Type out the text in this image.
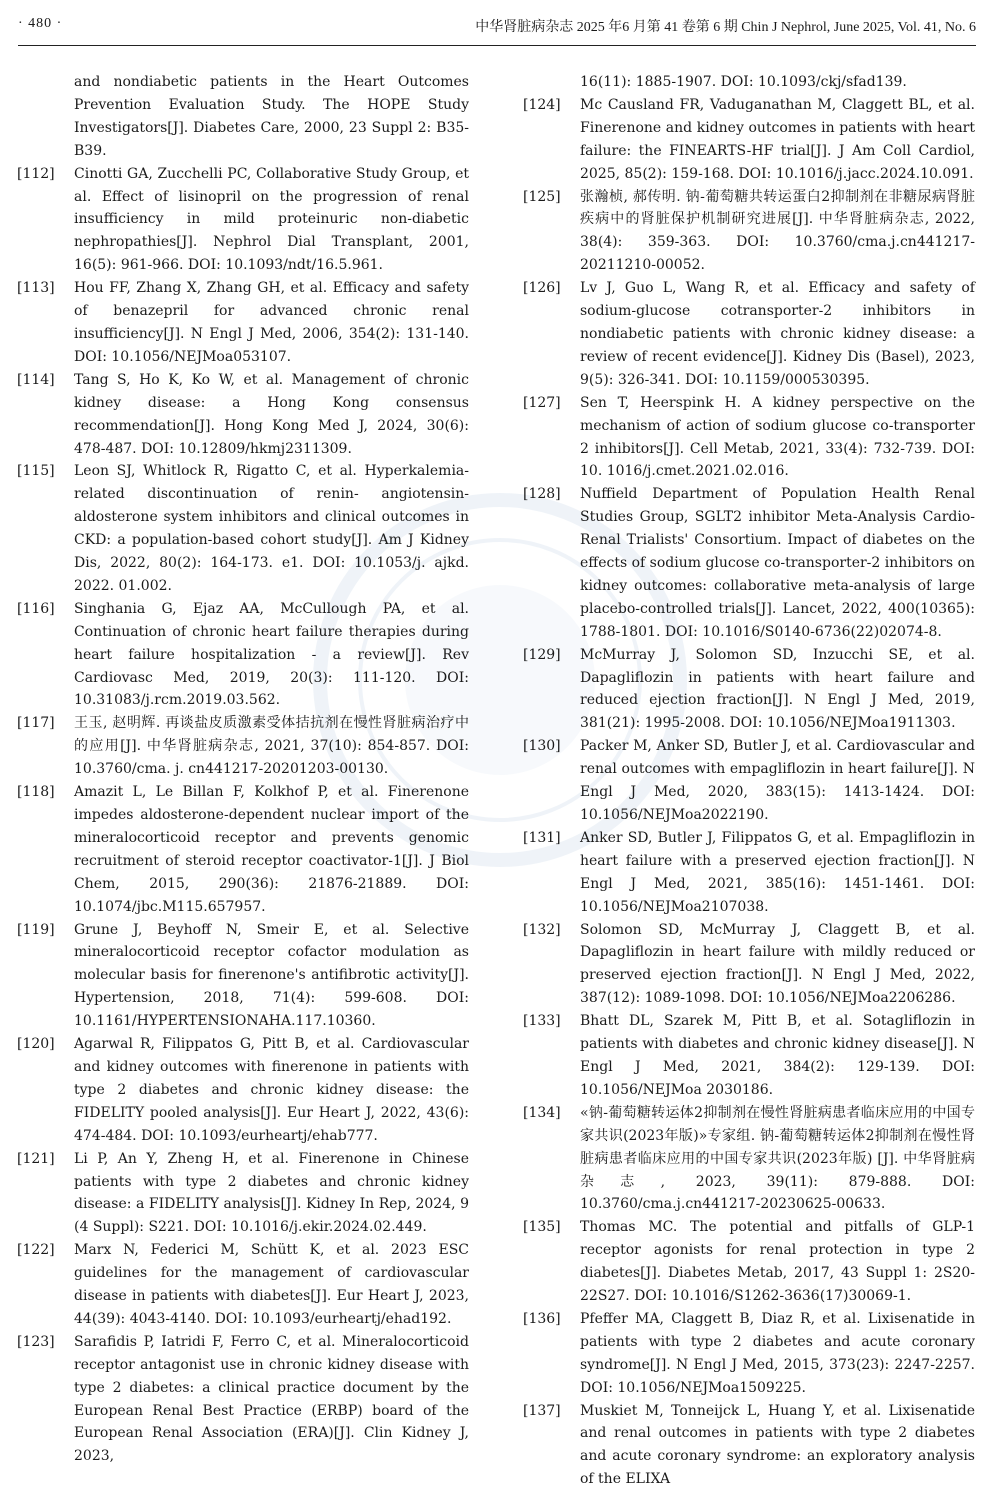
· 480 ·	中华肾脏病杂志 2025 年6 月第 41 卷第 6 期 Chin J Nephrol, June 2025, Vol. 41, No. 6
and nondiabetic patients in the Heart Outcomes Prevention Evaluation Study. The HOPE Study Investigators[J]. Diabetes Care, 2000, 23 Suppl 2: B35-B39.
[112]	Cinotti GA, Zucchelli PC, Collaborative Study Group, et al. Effect of lisinopril on the progression of renal insufficiency in mild proteinuric non-diabetic nephropathies[J]. Nephrol Dial Transplant, 2001, 16(5): 961-966. DOI: 10.1093/ndt/16.5.961.
[113]	Hou FF, Zhang X, Zhang GH, et al. Efficacy and safety of benazepril for advanced chronic renal insufficiency[J]. N Engl J Med, 2006, 354(2): 131-140. DOI: 10.1056/NEJMoa053107.
[114]	Tang S, Ho K, Ko W, et al. Management of chronic kidney disease: a Hong Kong consensus recommendation[J]. Hong Kong Med J, 2024, 30(6): 478-487. DOI: 10.12809/hkmj2311309.
[115]	Leon SJ, Whitlock R, Rigatto C, et al. Hyperkalemia-related discontinuation of renin- angiotensin-aldosterone system inhibitors and clinical outcomes in CKD: a population-based cohort study[J]. Am J Kidney Dis, 2022, 80(2): 164-173. e1. DOI: 10.1053/j. ajkd. 2022. 01.002.
[116]	Singhania G, Ejaz AA, McCullough PA, et al. Continuation of chronic heart failure therapies during heart failure hospitalization - a review[J]. Rev Cardiovasc Med, 2019, 20(3): 111-120. DOI: 10.31083/j.rcm.2019.03.562.
[117]	王玉, 赵明辉. 再谈盐皮质激素受体拮抗剂在慢性肾脏病治疗中的应用[J]. 中华肾脏病杂志, 2021, 37(10): 854-857. DOI: 10.3760/cma. j. cn441217-20201203-00130.
[118]	Amazit L, Le Billan F, Kolkhof P, et al. Finerenone impedes aldosterone-dependent nuclear import of the mineralocorticoid receptor and prevents genomic recruitment of steroid receptor coactivator-1[J]. J Biol Chem, 2015, 290(36): 21876-21889. DOI: 10.1074/jbc.M115.657957.
[119]	Grune J, Beyhoff N, Smeir E, et al. Selective mineralocorticoid receptor cofactor modulation as molecular basis for finerenone's antifibrotic activity[J]. Hypertension, 2018, 71(4): 599-608. DOI: 10.1161/HYPERTENSIONAHA.117.10360.
[120]	Agarwal R, Filippatos G, Pitt B, et al. Cardiovascular and kidney outcomes with finerenone in patients with type 2 diabetes and chronic kidney disease: the FIDELITY pooled analysis[J]. Eur Heart J, 2022, 43(6): 474-484. DOI: 10.1093/eurheartj/ehab777.
[121]	Li P, An Y, Zheng H, et al. Finerenone in Chinese patients with type 2 diabetes and chronic kidney disease: a FIDELITY analysis[J]. Kidney In Rep, 2024, 9 (4 Suppl): S221. DOI: 10.1016/j.ekir.2024.02.449.
[122]	Marx N, Federici M, Schütt K, et al. 2023 ESC guidelines for the management of cardiovascular disease in patients with diabetes[J]. Eur Heart J, 2023, 44(39): 4043-4140. DOI: 10.1093/eurheartj/ehad192.
[123]	Sarafidis P, Iatridi F, Ferro C, et al. Mineralocorticoid receptor antagonist use in chronic kidney disease with type 2 diabetes: a clinical practice document by the European Renal Best Practice (ERBP) board of the European Renal Association (ERA)[J]. Clin Kidney J, 2023,
16(11): 1885-1907. DOI: 10.1093/ckj/sfad139.
[124]	Mc Causland FR, Vaduganathan M, Claggett BL, et al. Finerenone and kidney outcomes in patients with heart failure: the FINEARTS-HF trial[J]. J Am Coll Cardiol, 2025, 85(2): 159-168. DOI: 10.1016/j.jacc.2024.10.091.
[125]	张瀚桢, 郝传明. 钠-葡萄糖共转运蛋白2抑制剂在非糖尿病肾脏疾病中的肾脏保护机制研究进展[J]. 中华肾脏病杂志, 2022, 38(4): 359-363. DOI: 10.3760/cma.j.cn441217-20211210-00052.
[126]	Lv J, Guo L, Wang R, et al. Efficacy and safety of sodium-glucose cotransporter-2 inhibitors in nondiabetic patients with chronic kidney disease: a review of recent evidence[J]. Kidney Dis (Basel), 2023, 9(5): 326-341. DOI: 10.1159/000530395.
[127]	Sen T, Heerspink H. A kidney perspective on the mechanism of action of sodium glucose co-transporter 2 inhibitors[J]. Cell Metab, 2021, 33(4): 732-739. DOI: 10. 1016/j.cmet.2021.02.016.
[128]	Nuffield Department of Population Health Renal Studies Group, SGLT2 inhibitor Meta-Analysis Cardio-Renal Trialists' Consortium. Impact of diabetes on the effects of sodium glucose co-transporter-2 inhibitors on kidney outcomes: collaborative meta-analysis of large placebo-controlled trials[J]. Lancet, 2022, 400(10365): 1788-1801. DOI: 10.1016/S0140-6736(22)02074-8.
[129]	McMurray J, Solomon SD, Inzucchi SE, et al. Dapagliflozin in patients with heart failure and reduced ejection fraction[J]. N Engl J Med, 2019, 381(21): 1995-2008. DOI: 10.1056/NEJMoa1911303.
[130]	Packer M, Anker SD, Butler J, et al. Cardiovascular and renal outcomes with empagliflozin in heart failure[J]. N Engl J Med, 2020, 383(15): 1413-1424. DOI: 10.1056/NEJMoa2022190.
[131]	Anker SD, Butler J, Filippatos G, et al. Empagliflozin in heart failure with a preserved ejection fraction[J]. N Engl J Med, 2021, 385(16): 1451-1461. DOI: 10.1056/NEJMoa2107038.
[132]	Solomon SD, McMurray J, Claggett B, et al. Dapagliflozin in heart failure with mildly reduced or preserved ejection fraction[J]. N Engl J Med, 2022, 387(12): 1089-1098. DOI: 10.1056/NEJMoa2206286.
[133]	Bhatt DL, Szarek M, Pitt B, et al. Sotagliflozin in patients with diabetes and chronic kidney disease[J]. N Engl J Med, 2021, 384(2): 129-139. DOI: 10.1056/NEJMoa 2030186.
[134]	«钠-葡萄糖转运体2抑制剂在慢性肾脏病患者临床应用的中国专家共识(2023年版)»专家组. 钠-葡萄糖转运体2抑制剂在慢性肾脏病患者临床应用的中国专家共识(2023年版) [J]. 中华肾脏病杂志, 2023, 39(11): 879-888. DOI: 10.3760/cma.j.cn441217-20230625-00633.
[135]	Thomas MC. The potential and pitfalls of GLP-1 receptor agonists for renal protection in type 2 diabetes[J]. Diabetes Metab, 2017, 43 Suppl 1: 2S20-22S27. DOI: 10.1016/S1262-3636(17)30069-1.
[136]	Pfeffer MA, Claggett B, Diaz R, et al. Lixisenatide in patients with type 2 diabetes and acute coronary syndrome[J]. N Engl J Med, 2015, 373(23): 2247-2257. DOI: 10.1056/NEJMoa1509225.
[137]	Muskiet M, Tonneijck L, Huang Y, et al. Lixisenatide and renal outcomes in patients with type 2 diabetes and acute coronary syndrome: an exploratory analysis of the ELIXA
